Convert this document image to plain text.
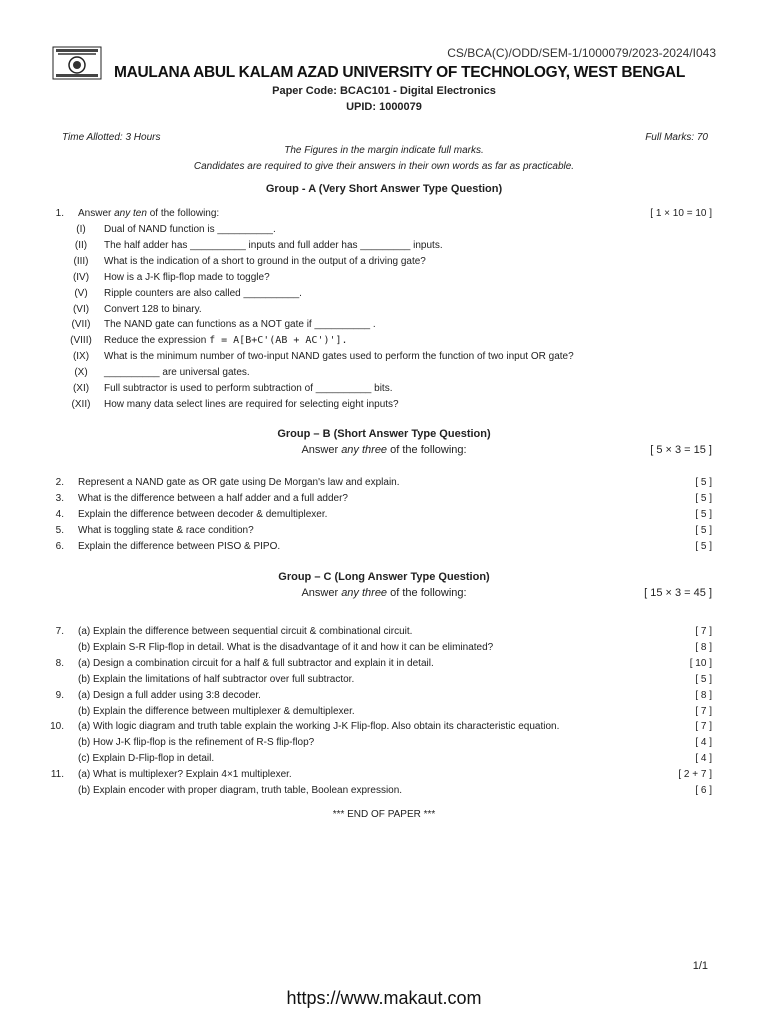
CS/BCA(C)/ODD/SEM-1/1000079/2023-2024/I043
MAULANA ABUL KALAM AZAD UNIVERSITY OF TECHNOLOGY, WEST BENGAL
Paper Code: BCAC101 - Digital Electronics
UPID: 1000079
Time Allotted: 3 Hours	Full Marks: 70
The Figures in the margin indicate full marks.
Candidates are required to give their answers in their own words as far as practicable.
Group - A (Very Short Answer Type Question)
1. Answer any ten of the following:	[ 1 × 10 = 10 ]
(I)	Dual of NAND function is __________.
(II)	The half adder has __________ inputs and full adder has _________ inputs.
(III)	What is the indication of a short to ground in the output of a driving gate?
(IV)	How is a J-K flip-flop made to toggle?
(V)	Ripple counters are also called __________.
(VI)	Convert 128 to binary.
(VII)	The NAND gate can functions as a NOT gate if __________ .
(VIII)	Reduce the expression f = A[B+C'(AB + AC')'].
(IX)	What is the minimum number of two-input NAND gates used to perform the function of two input OR gate?
(X)	__________ are universal gates.
(XI)	Full subtractor is used to perform subtraction of __________ bits.
(XII)	How many data select lines are required for selecting eight inputs?
Group – B (Short Answer Type Question)
Answer any three of the following:	[ 5 × 3 = 15 ]
2. Represent a NAND gate as OR gate using De Morgan's law and explain.	[ 5 ]
3. What is the difference between a half adder and a full adder?	[ 5 ]
4. Explain the difference between decoder & demultiplexer.	[ 5 ]
5. What is toggling state & race condition?	[ 5 ]
6. Explain the difference between PISO & PIPO.	[ 5 ]
Group – C (Long Answer Type Question)
Answer any three of the following:	[ 15 × 3 = 45 ]
7. (a) Explain the difference between sequential circuit & combinational circuit.	[ 7 ]
(b) Explain S-R Flip-flop in detail. What is the disadvantage of it and how it can be eliminated?	[ 8 ]
8. (a) Design a combination circuit for a half & full subtractor and explain it in detail.	[ 10 ]
(b) Explain the limitations of half subtractor over full subtractor.	[ 5 ]
9. (a) Design a full adder using 3:8 decoder.	[ 8 ]
(b) Explain the difference between multiplexer & demultiplexer.	[ 7 ]
10. (a) With logic diagram and truth table explain the working J-K Flip-flop. Also obtain its characteristic equation.	[ 7 ]
(b) How J-K flip-flop is the refinement of R-S flip-flop?	[ 4 ]
(c) Explain D-Flip-flop in detail.	[ 4 ]
11. (a) What is multiplexer? Explain 4×1 multiplexer.	[ 2 + 7 ]
(b) Explain encoder with proper diagram, truth table, Boolean expression.	[ 6 ]
*** END OF PAPER ***
1/1
https://www.makaut.com
